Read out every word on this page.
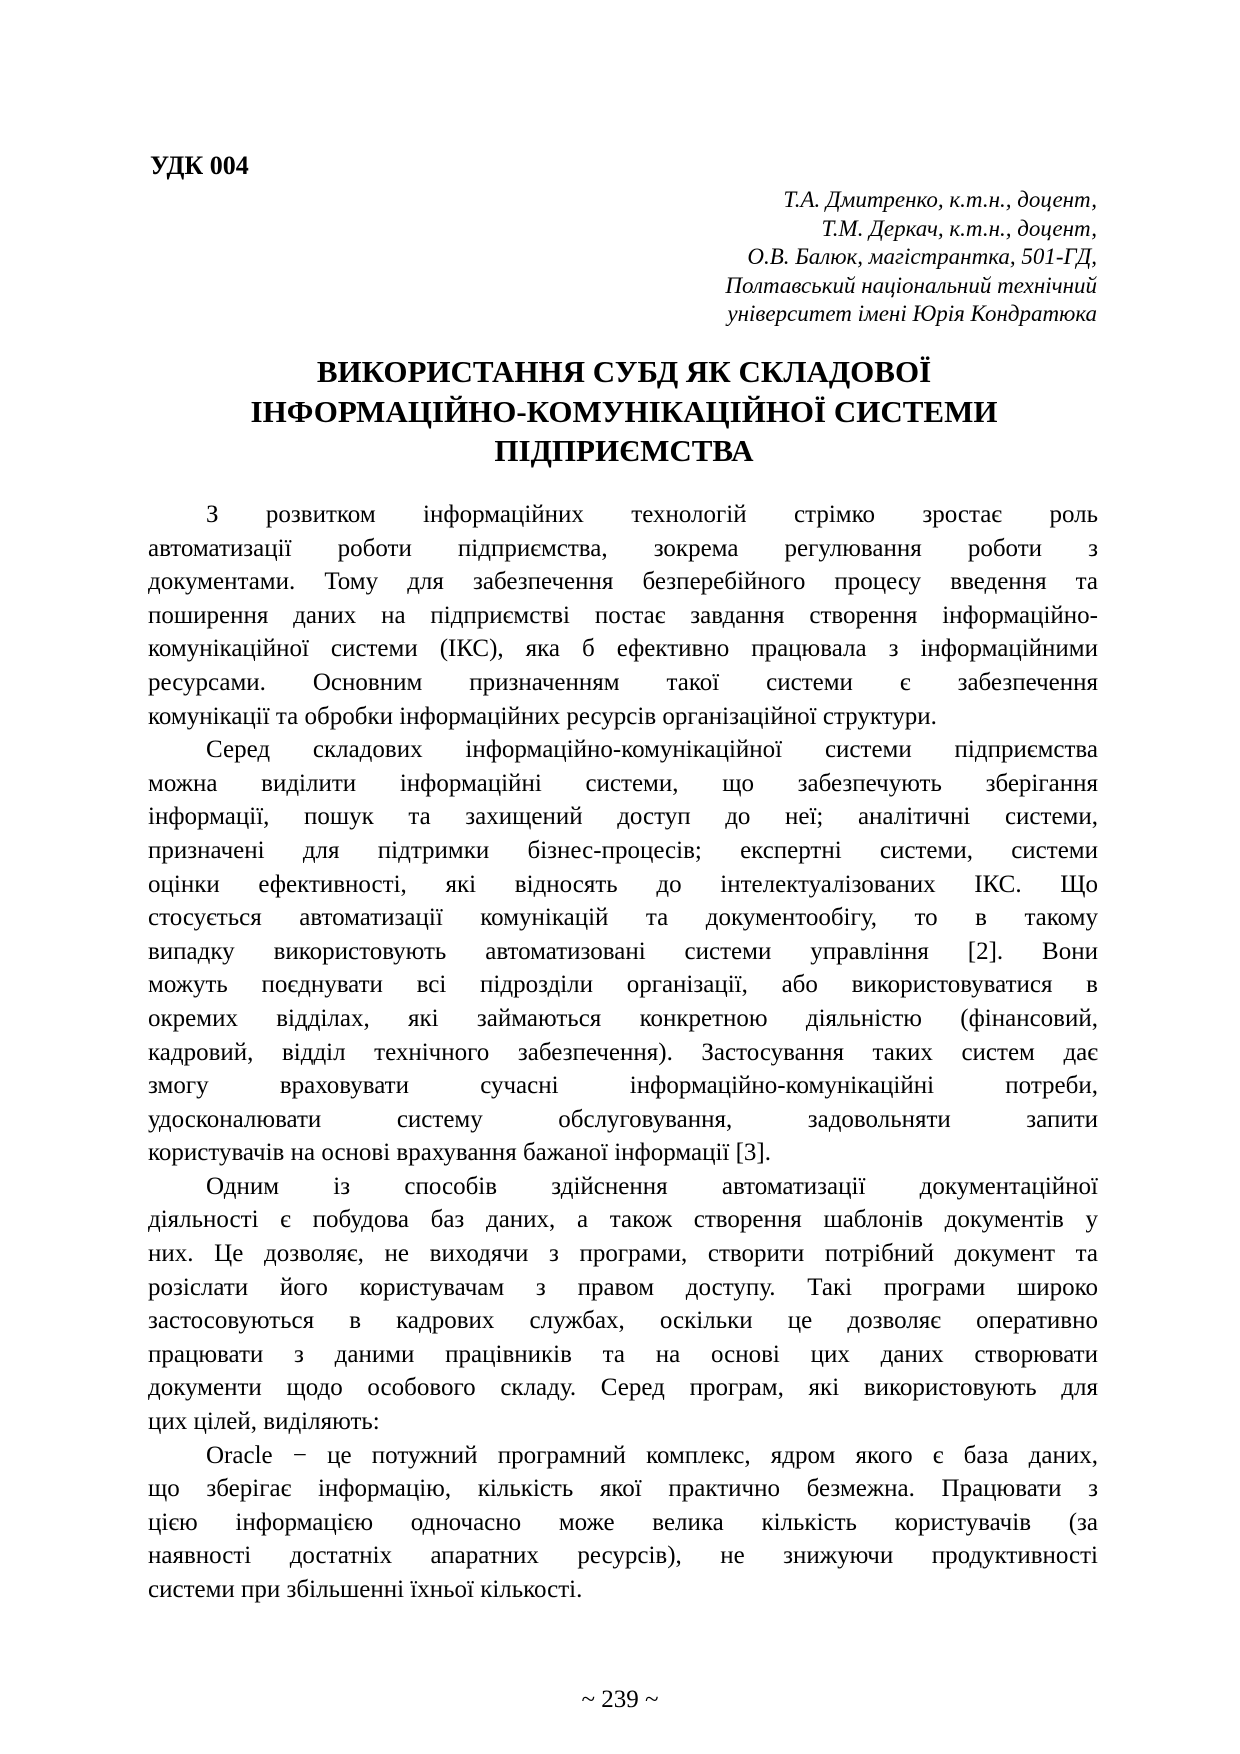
УДК 004
Т.А. Дмитренко, к.т.н., доцент,
Т.М. Деркач, к.т.н., доцент,
О.В. Балюк, магістрантка, 501-ГД,
Полтавський національний технічний
університет імені Юрія Кондратюка
ВИКОРИСТАННЯ СУБД ЯК СКЛАДОВОЇ
ІНФОРМАЦІЙНО-КОМУНІКАЦІЙНОЇ СИСТЕМИ
ПІДПРИЄМСТВА
З розвитком інформаційних технологій стрімко зростає роль
автоматизації роботи підприємства, зокрема регулювання роботи з
документами. Тому для забезпечення безперебійного процесу введення та
поширення даних на підприємстві постає завдання створення інформаційно-
комунікаційної системи (ІКС), яка б ефективно працювала з інформаційними
ресурсами. Основним призначенням такої системи є забезпечення
комунікації та обробки інформаційних ресурсів організаційної структури.
Серед складових інформаційно-комунікаційної системи підприємства
можна виділити інформаційні системи, що забезпечують зберігання
інформації, пошук та захищений доступ до неї; аналітичні системи,
призначені для підтримки бізнес-процесів; експертні системи, системи
оцінки ефективності, які відносять до інтелектуалізованих ІКС. Що
стосується автоматизації комунікацій та документообігу, то в такому
випадку використовують автоматизовані системи управління [2]. Вони
можуть поєднувати всі підрозділи організації, або використовуватися в
окремих відділах, які займаються конкретною діяльністю (фінансовий,
кадровий, відділ технічного забезпечення). Застосування таких систем дає
змогу враховувати сучасні інформаційно-комунікаційні потреби,
удосконалювати систему обслуговування, задовольняти запити
користувачів на основі врахування бажаної інформації [3].
Одним із способів здійснення автоматизації документаційної
діяльності є побудова баз даних, а також створення шаблонів документів у
них. Це дозволяє, не виходячи з програми, створити потрібний документ та
розіслати його користувачам з правом доступу. Такі програми широко
застосовуються в кадрових службах, оскільки це дозволяє оперативно
працювати з даними працівників та на основі цих даних створювати
документи щодо особового складу. Серед програм, які використовують для
цих цілей, виділяють:
Oracle − це потужний програмний комплекс, ядром якого є база даних,
що зберігає інформацію, кількість якої практично безмежна. Працювати з
цією інформацією одночасно може велика кількість користувачів (за
наявності достатніх апаратних ресурсів), не знижуючи продуктивності
системи при збільшенні їхньої кількості.
~ 239 ~
